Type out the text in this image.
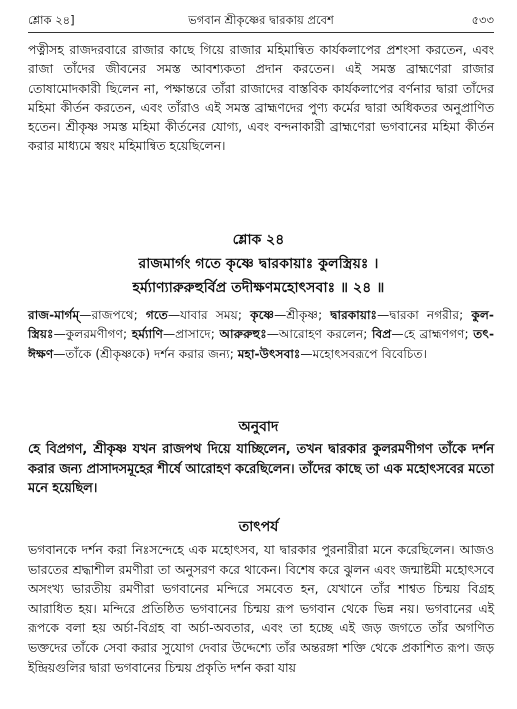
শ্লোক ২৪]	ভগবান শ্রীকৃষ্ণের দ্বারকায় প্রবেশ	৫৩৩

পত্নীসহ রাজদরবারে রাজার কাছে গিয়ে রাজার মহিমান্বিত কার্যকলাপের প্রশংসা করতেন, এবং রাজা তাঁদের জীবনের সমস্ত আবশ্যকতা প্রদান করতেন। এই সমস্ত ব্রাহ্মণেরা রাজার তোষামোদকারী ছিলেন না, পক্ষান্তরে তাঁরা রাজাদের বাস্তবিক কার্যকলাপের বর্ণনার দ্বারা তাঁদের মহিমা কীর্তন করতেন, এবং তাঁরাও এই সমস্ত ব্রাহ্মণদের পুণ্য কর্মের দ্বারা অধিকতর অনুপ্রাণিত হতেন। শ্রীকৃষ্ণ সমস্ত মহিমা কীর্তনের যোগ্য, এবং বন্দনাকারী ব্রাহ্মণেরা ভগবানের মহিমা কীর্তন করার মাধ্যমে স্বয়ং মহিমান্বিত হয়েছিলেন।

শ্লোক ২৪

রাজমার্গং গতে কৃষ্ণে দ্বারকায়াঃ কুলস্ত্রিয়ঃ ।
হর্ম্যাণ্যারুরুহুর্বিপ্র তদীক্ষণমহোৎসবাঃ ॥ ২৪ ॥

রাজ-মার্গম্—রাজপথে; গতে—যাবার সময়; কৃষ্ণে—শ্রীকৃষ্ণ; দ্বারকায়াঃ—দ্বারকা নগরীর; কুল-স্ত্রিয়ঃ—কুলরমণীগণ; হর্ম্যাণি—প্রাসাদে; আরুরুহুঃ—আরোহণ করলেন; বিপ্র—হে ব্রাহ্মণগণ; তৎ-ঈক্ষণ—তাঁকে (শ্রীকৃষ্ণকে) দর্শন করার জন্য; মহা-উৎসবাঃ—মহোৎসবরূপে বিবেচিত।

অনুবাদ

হে বিপ্রগণ, শ্রীকৃষ্ণ যখন রাজপথ দিয়ে যাচ্ছিলেন, তখন দ্বারকার কুলরমণীগণ তাঁকে দর্শন করার জন্য প্রাসাদসমূহের শীর্ষে আরোহণ করেছিলেন। তাঁদের কাছে তা এক মহোৎসবের মতো মনে হয়েছিল।

তাৎপর্য

ভগবানকে দর্শন করা নিঃসন্দেহে এক মহোৎসব, যা দ্বারকার পুরনারীরা মনে করেছিলেন। আজও ভারতের শ্রদ্ধাশীল রমণীরা তা অনুসরণ করে থাকেন। বিশেষ করে ঝুলন এবং জন্মাষ্টমী মহোৎসবে অসংখ্য ভারতীয় রমণীরা ভগবানের মন্দিরে সমবেত হন, যেখানে তাঁর শাশ্বত চিন্ময় বিগ্রহ আরাধিত হয়। মন্দিরে প্রতিষ্ঠিত ভগবানের চিন্ময় রূপ ভগবান থেকে ভিন্ন নয়। ভগবানের এই রূপকে বলা হয় অর্চা-বিগ্রহ বা অর্চা-অবতার, এবং তা হচ্ছে এই জড় জগতে তাঁর অগণিত ভক্তদের তাঁকে সেবা করার সুযোগ দেবার উদ্দেশ্যে তাঁর অন্তরঙ্গা শক্তি থেকে প্রকাশিত রূপ। জড় ইন্দ্রিয়গুলির দ্বারা ভগবানের চিন্ময় প্রকৃতি দর্শন করা যায়
